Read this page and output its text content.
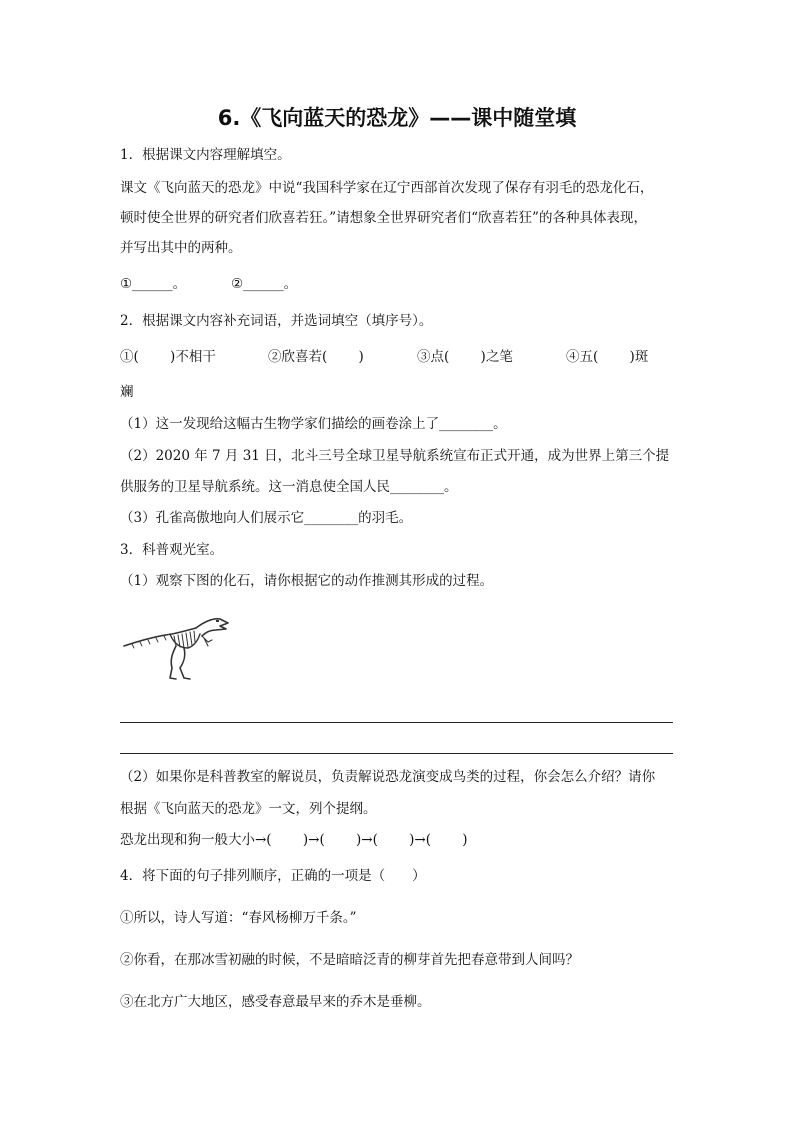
6.《飞向蓝天的恐龙》——课中随堂填
1．根据课文内容理解填空。
课文《飞向蓝天的恐龙》中说“我国科学家在辽宁西部首次发现了保存有羽毛的恐龙化石，
顿时使全世界的研究者们欣喜若狂。”请想象全世界研究者们“欣喜若狂”的各种具体表现，
并写出其中的两种。
①______。	②______。
2．根据课文内容补充词语，并选词填空（填序号）。
①(　　 )不相干	②欣喜若(　　 )	③点(　　 )之笔	④五(　　 )斑
斓
（1）这一发现给这幅古生物学家们描绘的画卷涂上了________。
（2）2020 年 7 月 31 日，北斗三号全球卫星导航系统宣布正式开通，成为世界上第三个提
供服务的卫星导航系统。这一消息使全国人民________。
（3）孔雀高傲地向人们展示它________的羽毛。
3．科普观光室。
（1）观察下图的化石，请你根据它的动作推测其形成的过程。
（2）如果你是科普教室的解说员，负责解说恐龙演变成鸟类的过程，你会怎么介绍？请你
根据《飞向蓝天的恐龙》一文，列个提纲。
恐龙出现和狗一般大小→(　　 )→(　　 )→(　　 )→(　　 )
4．将下面的句子排列顺序，正确的一项是（　　）
①所以，诗人写道：“春风杨柳万千条。”
②你看，在那冰雪初融的时候，不是暗暗泛青的柳芽首先把春意带到人间吗？
③在北方广大地区，感受春意最早来的乔木是垂柳。
